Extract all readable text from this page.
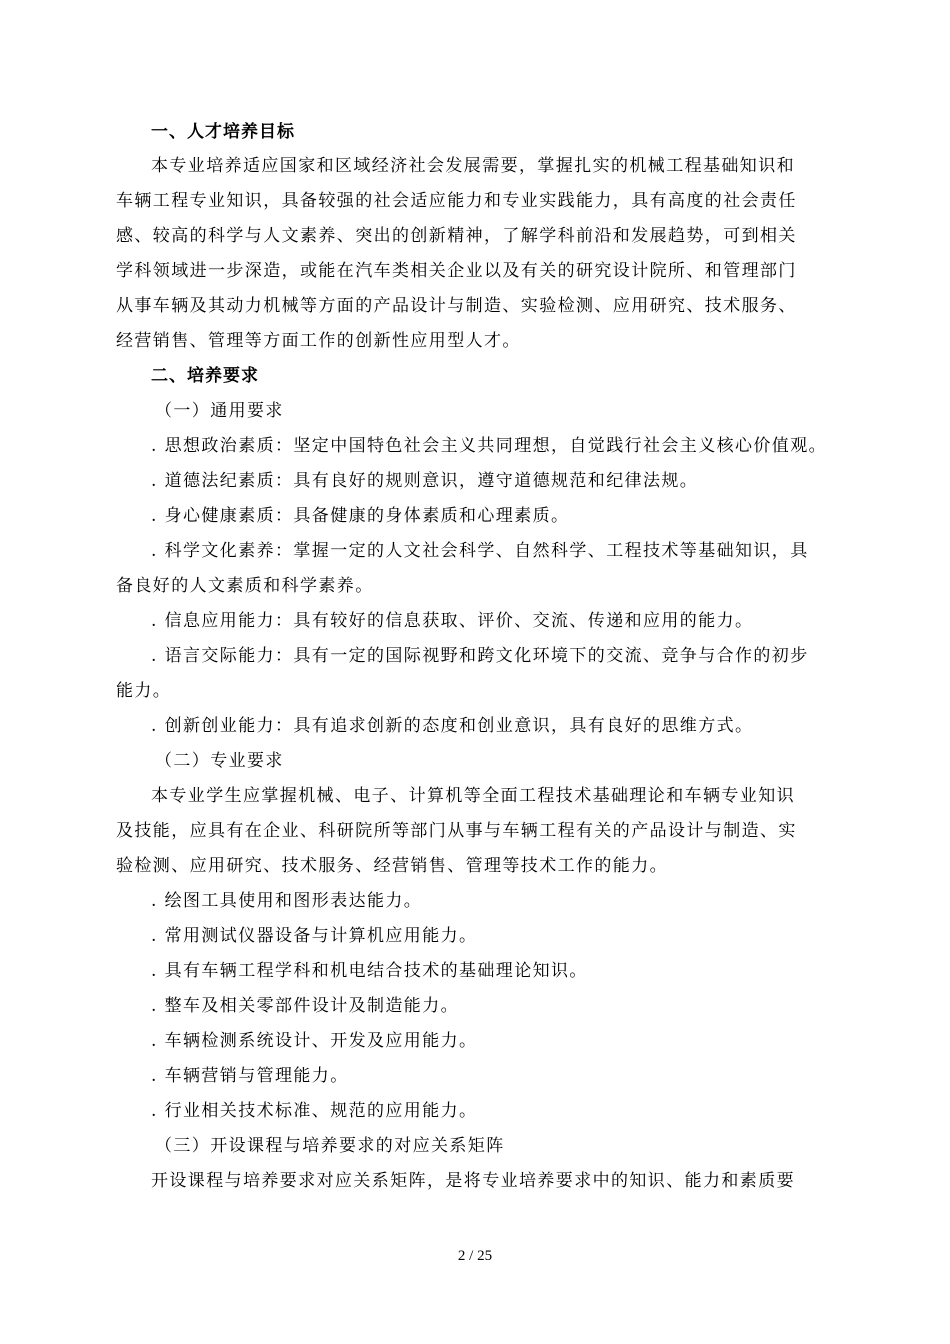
一、人才培养目标
本专业培养适应国家和区域经济社会发展需要，掌握扎实的机械工程基础知识和
车辆工程专业知识，具备较强的社会适应能力和专业实践能力，具有高度的社会责任
感、较高的科学与人文素养、突出的创新精神，了解学科前沿和发展趋势，可到相关
学科领域进一步深造，或能在汽车类相关企业以及有关的研究设计院所、和管理部门
从事车辆及其动力机械等方面的产品设计与制造、实验检测、应用研究、技术服务、
经营销售、管理等方面工作的创新性应用型人才。
二、培养要求
（一）通用要求
. 思想政治素质：坚定中国特色社会主义共同理想，自觉践行社会主义核心价值观。
. 道德法纪素质：具有良好的规则意识，遵守道德规范和纪律法规。
. 身心健康素质：具备健康的身体素质和心理素质。
. 科学文化素养：掌握一定的人文社会科学、自然科学、工程技术等基础知识，具
备良好的人文素质和科学素养。
. 信息应用能力：具有较好的信息获取、评价、交流、传递和应用的能力。
. 语言交际能力：具有一定的国际视野和跨文化环境下的交流、竞争与合作的初步
能力。
. 创新创业能力：具有追求创新的态度和创业意识，具有良好的思维方式。
（二）专业要求
本专业学生应掌握机械、电子、计算机等全面工程技术基础理论和车辆专业知识
及技能，应具有在企业、科研院所等部门从事与车辆工程有关的产品设计与制造、实
验检测、应用研究、技术服务、经营销售、管理等技术工作的能力。
. 绘图工具使用和图形表达能力。
. 常用测试仪器设备与计算机应用能力。
. 具有车辆工程学科和机电结合技术的基础理论知识。
. 整车及相关零部件设计及制造能力。
. 车辆检测系统设计、开发及应用能力。
. 车辆营销与管理能力。
. 行业相关技术标准、规范的应用能力。
（三）开设课程与培养要求的对应关系矩阵
开设课程与培养要求对应关系矩阵，是将专业培养要求中的知识、能力和素质要
2 / 25
